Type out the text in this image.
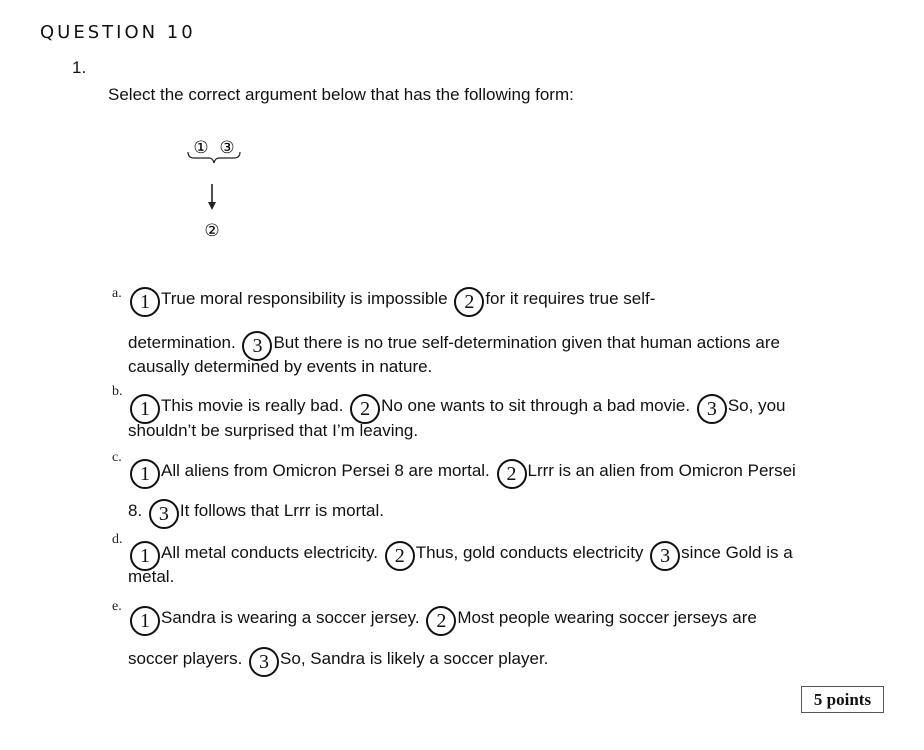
QUESTION 10
1.
Select the correct argument below that has the following form:
① ③
②
a. 1 True moral responsibility is impossible 2 for it requires true self-
determination. 3 But there is no true self-determination given that human actions are
causally determined by events in nature.
b.
1 This movie is really bad. 2 No one wants to sit through a bad movie. 3 So, you
shouldn’t be surprised that I’m leaving.
c.
1 All aliens from Omicron Persei 8 are mortal. 2 Lrrr is an alien from Omicron Persei
8. 3 It follows that Lrrr is mortal.
d.
1 All metal conducts electricity. 2 Thus, gold conducts electricity 3 since Gold is a
metal.
e.
1 Sandra is wearing a soccer jersey. 2 Most people wearing soccer jerseys are
soccer players. 3 So, Sandra is likely a soccer player.
5 points
